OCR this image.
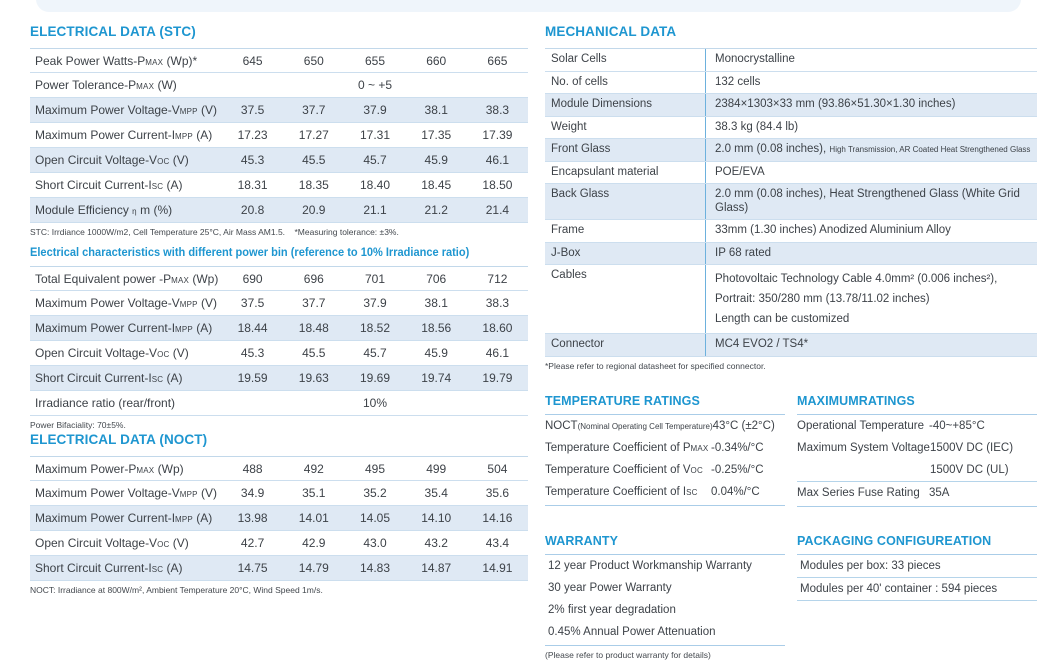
ELECTRICAL DATA (STC)
Peak Power Watts-PMAX (Wp)*	645	650	655	660	665
Power Tolerance-PMAX (W)	0 ~ +5
Maximum Power Voltage-VMPP (V)	37.5	37.7	37.9	38.1	38.3
Maximum Power Current-IMPP (A)	17.23	17.27	17.31	17.35	17.39
Open Circuit Voltage-VOC (V)	45.3	45.5	45.7	45.9	46.1
Short Circuit Current-ISC (A)	18.31	18.35	18.40	18.45	18.50
Module Efficiency η m (%)	20.8	20.9	21.1	21.2	21.4
STC: Irrdiance 1000W/m2, Cell Temperature 25°C, Air Mass AM1.5.    *Measuring tolerance: ±3%.
Electrical characteristics with different power bin (reference to 10% Irradiance ratio)
Total Equivalent power -PMAX (Wp)	690	696	701	706	712
Maximum Power Voltage-VMPP (V)	37.5	37.7	37.9	38.1	38.3
Maximum Power Current-IMPP (A)	18.44	18.48	18.52	18.56	18.60
Open Circuit Voltage-VOC (V)	45.3	45.5	45.7	45.9	46.1
Short Circuit Current-ISC (A)	19.59	19.63	19.69	19.74	19.79
Irradiance ratio (rear/front)	10%
Power Bifaciality: 70±5%.
ELECTRICAL DATA (NOCT)
Maximum Power-PMAX (Wp)	488	492	495	499	504
Maximum Power Voltage-VMPP (V)	34.9	35.1	35.2	35.4	35.6
Maximum Power Current-IMPP (A)	13.98	14.01	14.05	14.10	14.16
Open Circuit Voltage-VOC (V)	42.7	42.9	43.0	43.2	43.4
Short Circuit Current-ISC (A)	14.75	14.79	14.83	14.87	14.91
NOCT: Irradiance at 800W/m², Ambient Temperature 20°C, Wind Speed 1m/s.
MECHANICAL DATA
Solar Cells	Monocrystalline
No. of cells	132 cells
Module Dimensions	2384×1303×33 mm (93.86×51.30×1.30 inches)
Weight	38.3 kg (84.4 lb)
Front Glass	2.0 mm (0.08 inches), High Transmission, AR Coated Heat Strengthened Glass
Encapsulant material	POE/EVA
Back Glass	2.0 mm (0.08 inches), Heat Strengthened Glass (White Grid Glass)
Frame	33mm (1.30 inches) Anodized Aluminium Alloy
J-Box	IP 68 rated
Cables	Photovoltaic Technology Cable 4.0mm² (0.006 inches²),
Portrait: 350/280 mm (13.78/11.02 inches)
Length can be customized
Connector	MC4 EVO2 / TS4*
*Please refer to regional datasheet for specified connector.
TEMPERATURE RATINGS
NOCT(Nominal Operating Cell Temperature) 43°C (±2°C)
Temperature Coefficient of PMAX -0.34%/°C
Temperature Coefficient of VOC -0.25%/°C
Temperature Coefficient of ISC	0.04%/°C
MAXIMUMRATINGS
Operational Temperature -40~+85°C
Maximum System Voltage 1500V DC (IEC)
1500V DC (UL)
Max Series Fuse Rating 35A
WARRANTY
12 year Product Workmanship Warranty
30 year Power Warranty
2% first year degradation
0.45% Annual Power Attenuation
(Please refer to product warranty for details)
PACKAGING CONFIGUREATION
Modules per box: 33 pieces
Modules per 40' container : 594 pieces
